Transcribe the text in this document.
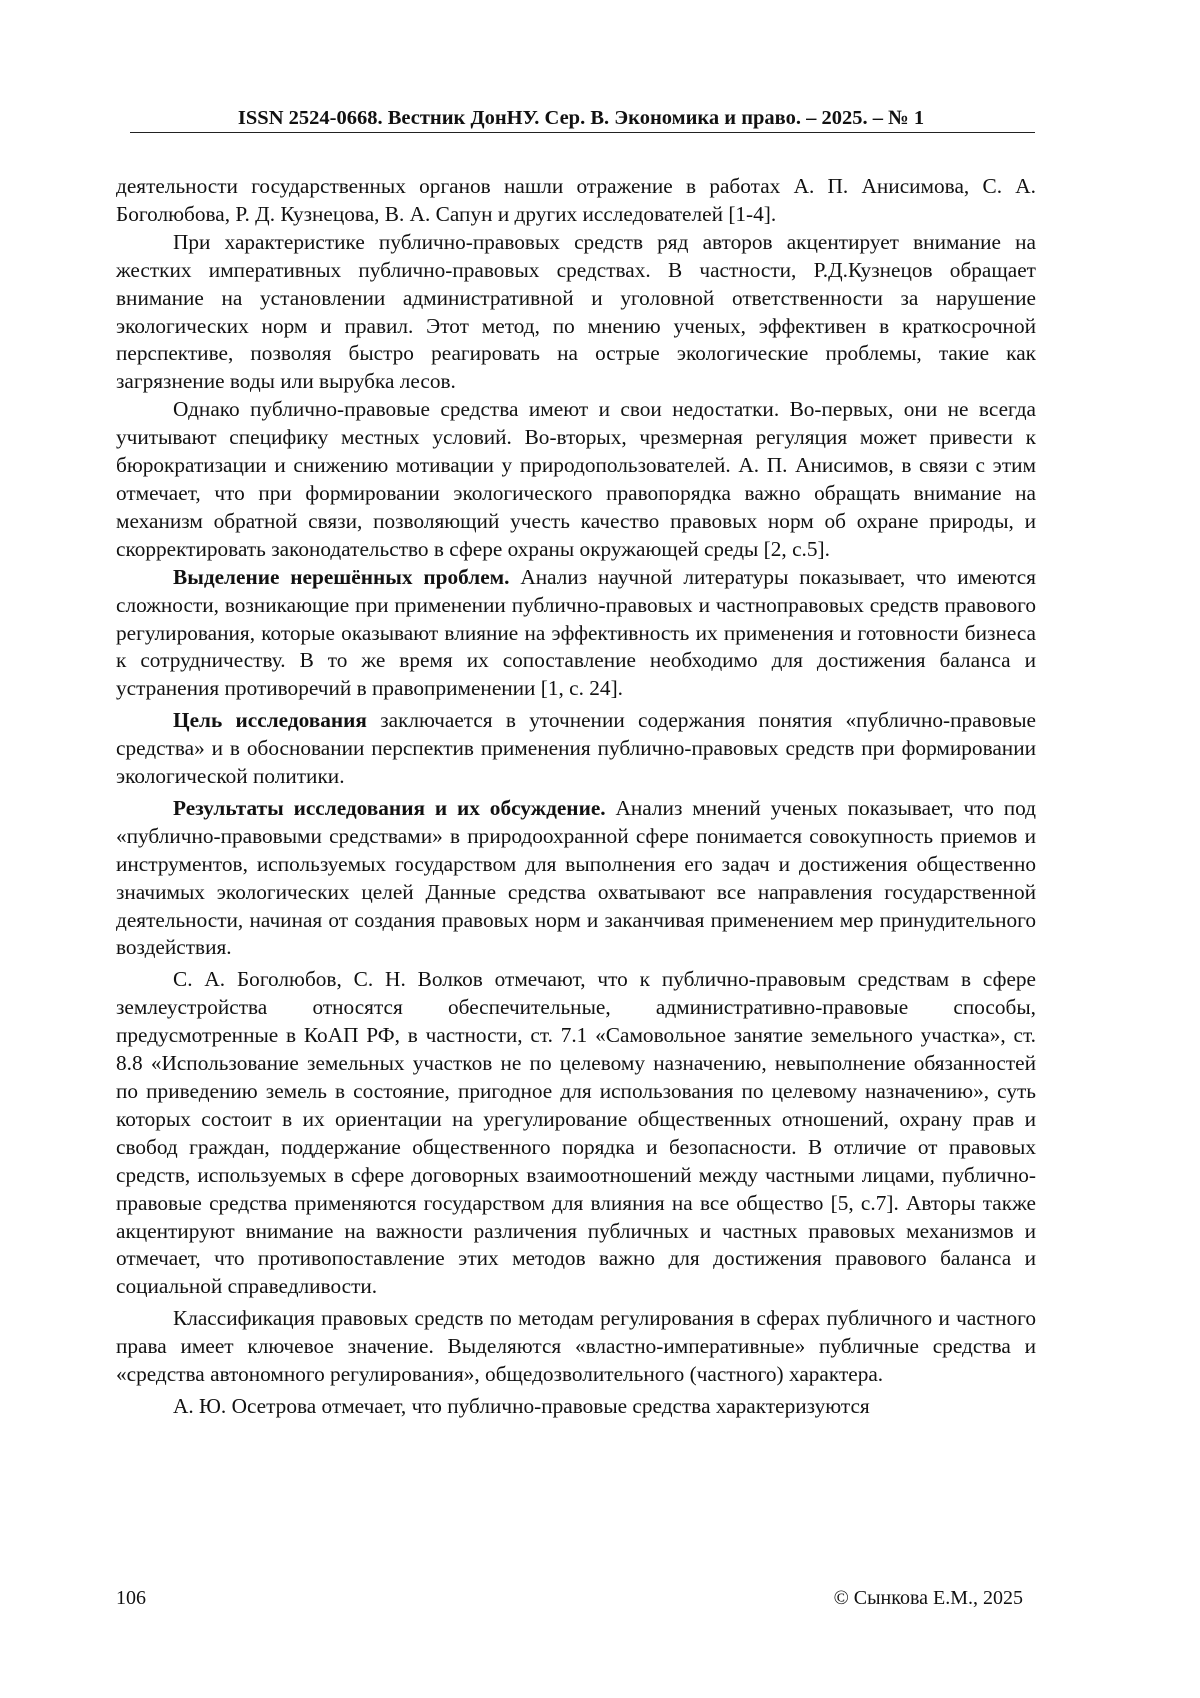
ISSN 2524-0668. Вестник ДонНУ. Сер. В. Экономика и право. – 2025. – № 1

деятельности государственных органов нашли отражение в работах А. П. Анисимова, С. А. Боголюбова, Р. Д. Кузнецова, В. А. Сапун и других исследователей [1-4].

При характеристике публично-правовых средств ряд авторов акцентирует внимание на жестких императивных публично-правовых средствах. В частности, Р.Д.Кузнецов обращает внимание на установлении административной и уголовной ответственности за нарушение экологических норм и правил. Этот метод, по мнению ученых, эффективен в краткосрочной перспективе, позволяя быстро реагировать на острые экологические проблемы, такие как загрязнение воды или вырубка лесов.

Однако публично-правовые средства имеют и свои недостатки. Во-первых, они не всегда учитывают специфику местных условий. Во-вторых, чрезмерная регуляция может привести к бюрократизации и снижению мотивации у природопользователей. А. П. Анисимов, в связи с этим отмечает, что при формировании экологического правопорядка важно обращать внимание на механизм обратной связи, позволяющий учесть качество правовых норм об охране природы, и скорректировать законодательство в сфере охраны окружающей среды [2, с.5].

Выделение нерешённых проблем. Анализ научной литературы показывает, что имеются сложности, возникающие при применении публично-правовых и частноправовых средств правового регулирования, которые оказывают влияние на эффективность их применения и готовности бизнеса к сотрудничеству. В то же время их сопоставление необходимо для достижения баланса и устранения противоречий в правоприменении [1, с. 24].

Цель исследования заключается в уточнении содержания понятия «публично-правовые средства» и в обосновании перспектив применения публично-правовых средств при формировании экологической политики.

Результаты исследования и их обсуждение. Анализ мнений ученых показывает, что под «публично-правовыми средствами» в природоохранной сфере понимается совокупность приемов и инструментов, используемых государством для выполнения его задач и достижения общественно значимых экологических целей Данные средства охватывают все направления государственной деятельности, начиная от создания правовых норм и заканчивая применением мер принудительного воздействия.

С. А. Боголюбов, С. Н. Волков отмечают, что к публично-правовым средствам в сфере землеустройства относятся обеспечительные, административно-правовые способы, предусмотренные в КоАП РФ, в частности, ст. 7.1 «Самовольное занятие земельного участка», ст. 8.8 «Использование земельных участков не по целевому назначению, невыполнение обязанностей по приведению земель в состояние, пригодное для использования по целевому назначению», суть которых состоит в их ориентации на урегулирование общественных отношений, охрану прав и свобод граждан, поддержание общественного порядка и безопасности. В отличие от правовых средств, используемых в сфере договорных взаимоотношений между частными лицами, публично-правовые средства применяются государством для влияния на все общество [5, с.7]. Авторы также акцентируют внимание на важности различения публичных и частных правовых механизмов и отмечает, что противопоставление этих методов важно для достижения правового баланса и социальной справедливости.

Классификация правовых средств по методам регулирования в сферах публичного и частного права имеет ключевое значение. Выделяются «властно-императивные» публичные средства и «средства автономного регулирования», общедозволительного (частного) характера.

А. Ю. Осетрова отмечает, что публично-правовые средства характеризуются

106	© Сынкова Е.М., 2025
